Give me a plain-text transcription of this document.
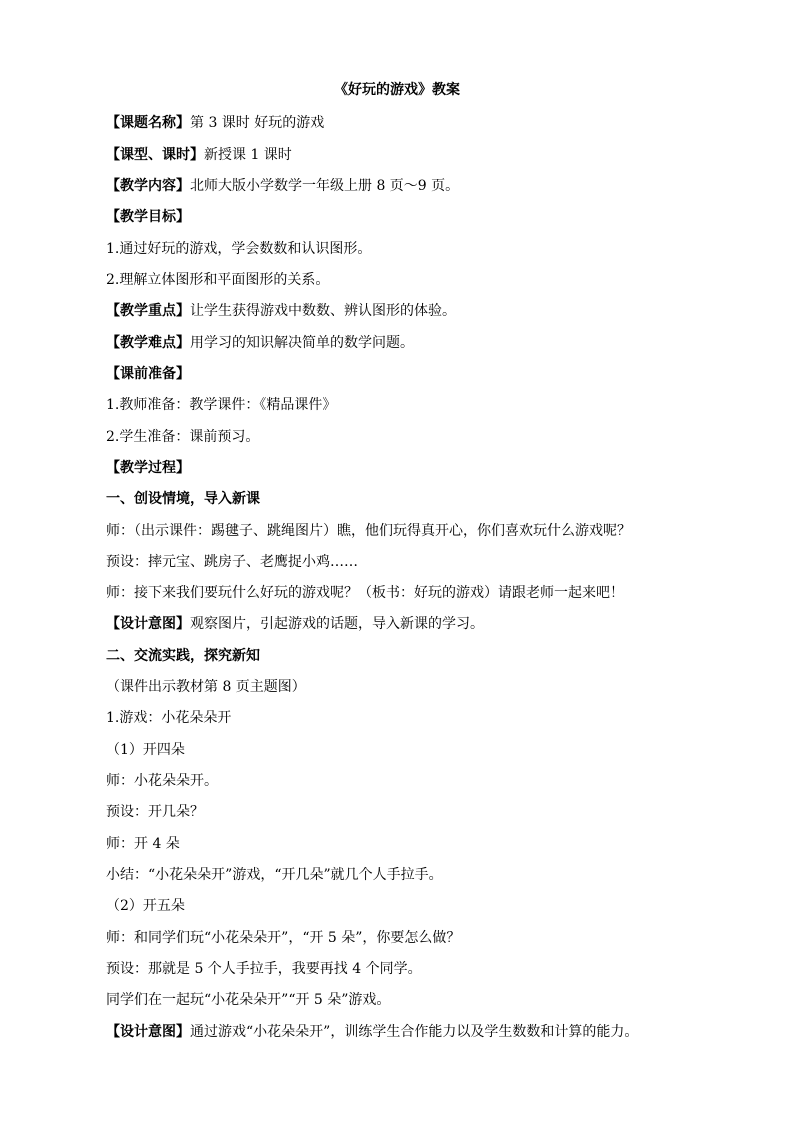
《好玩的游戏》教案
【课题名称】第 3 课时 好玩的游戏
【课型、课时】新授课 1 课时
【教学内容】北师大版小学数学一年级上册 8 页～9 页。
【教学目标】
1.通过好玩的游戏，学会数数和认识图形。
2.理解立体图形和平面图形的关系。
【教学重点】让学生获得游戏中数数、辨认图形的体验。
【教学难点】用学习的知识解决简单的数学问题。
【课前准备】
1.教师准备：教学课件：《精品课件》
2.学生准备：课前预习。
【教学过程】
一、创设情境，导入新课
师：（出示课件：踢毽子、跳绳图片）瞧，他们玩得真开心，你们喜欢玩什么游戏呢？
预设：摔元宝、跳房子、老鹰捉小鸡……
师：接下来我们要玩什么好玩的游戏呢？（板书：好玩的游戏）请跟老师一起来吧！
【设计意图】观察图片，引起游戏的话题，导入新课的学习。
二、交流实践，探究新知
（课件出示教材第 8 页主题图）
1.游戏：小花朵朵开
（1）开四朵
师：小花朵朵开。
预设：开几朵？
师：开 4 朵
小结：“小花朵朵开”游戏，“开几朵”就几个人手拉手。
（2）开五朵
师：和同学们玩“小花朵朵开”，“开 5 朵”，你要怎么做？
预设：那就是 5 个人手拉手，我要再找 4 个同学。
同学们在一起玩“小花朵朵开”“开 5 朵”游戏。
【设计意图】通过游戏“小花朵朵开”，训练学生合作能力以及学生数数和计算的能力。
